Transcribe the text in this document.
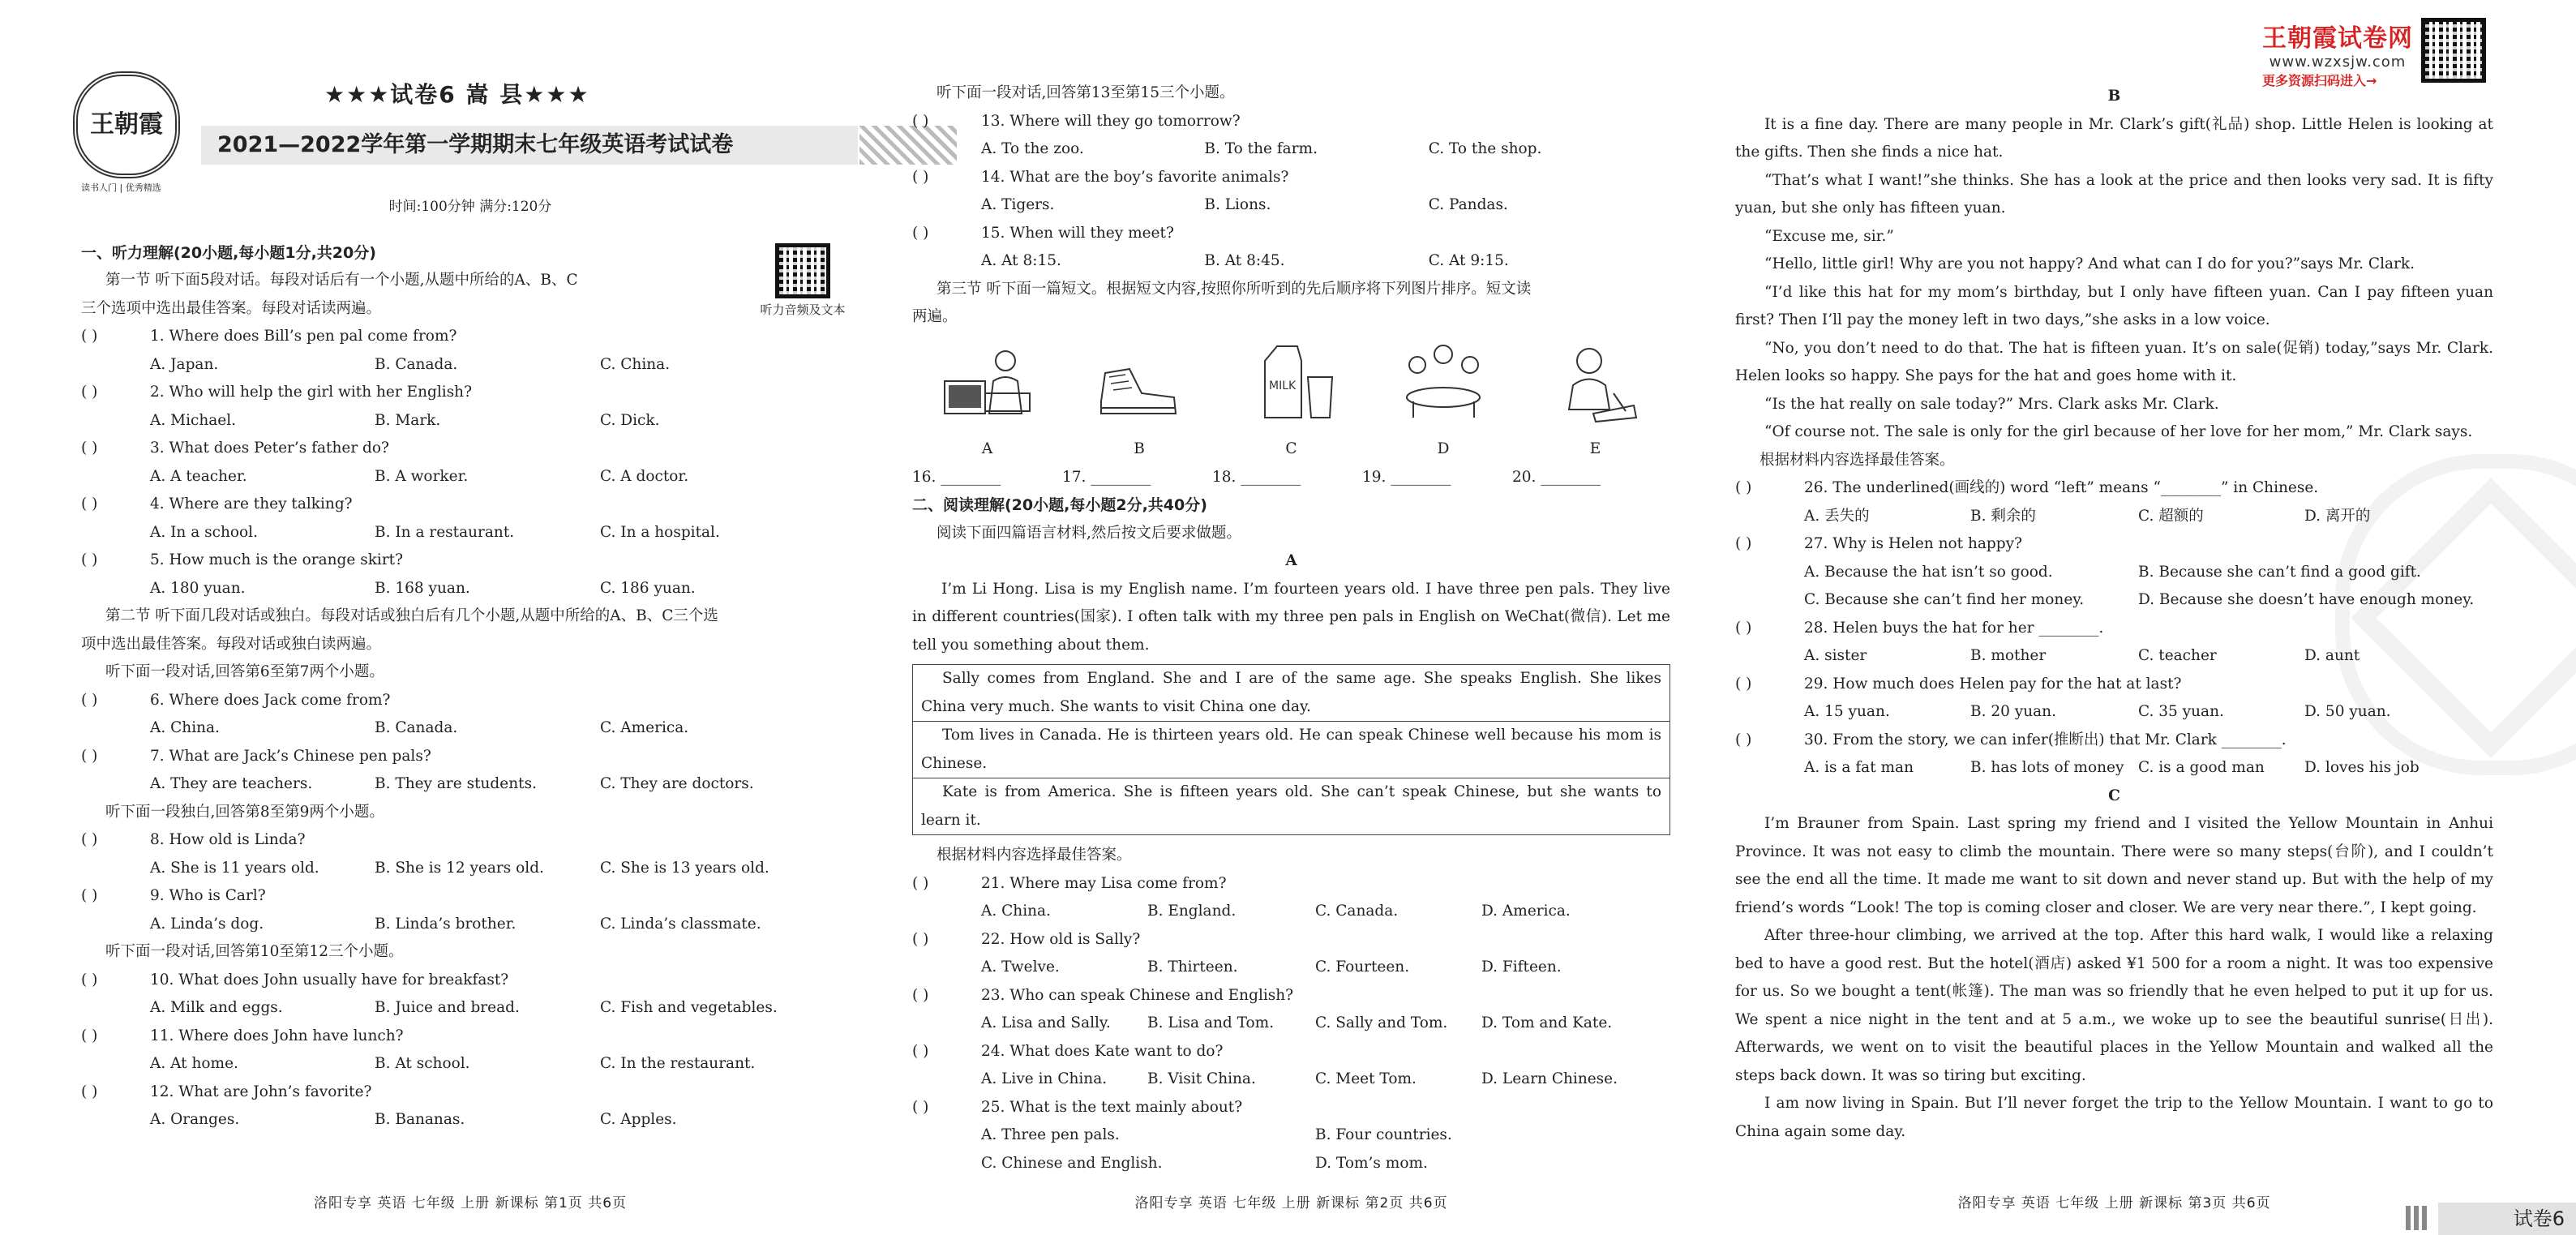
王朝霞试卷网
www.wzxsjw.com
更多资源扫码进入→
王朝霞
读书人门 | 优秀精选
★★★试卷6 嵩 县★★★
2021—2022学年第一学期期末七年级英语考试试卷
时间:100分钟 满分:120分
听力音频及文本
一、听力理解(20小题,每小题1分,共20分)
第一节 听下面5段对话。每段对话后有一个小题,从题中所给的A、B、C
三个选项中选出最佳答案。每段对话读两遍。
( )	1. Where does Bill’s pen pal come from?
A. Japan.	B. Canada.	C. China.
( )	2. Who will help the girl with her English?
A. Michael.	B. Mark.	C. Dick.
( )	3. What does Peter’s father do?
A. A teacher.	B. A worker.	C. A doctor.
( )	4. Where are they talking?
A. In a school.	B. In a restaurant.	C. In a hospital.
( )	5. How much is the orange skirt?
A. 180 yuan.	B. 168 yuan.	C. 186 yuan.
第二节 听下面几段对话或独白。每段对话或独白后有几个小题,从题中所给的A、B、C三个选
项中选出最佳答案。每段对话或独白读两遍。
听下面一段对话,回答第6至第7两个小题。
( )	6. Where does Jack come from?
A. China.	B. Canada.	C. America.
( )	7. What are Jack’s Chinese pen pals?
A. They are teachers.	B. They are students.	C. They are doctors.
听下面一段独白,回答第8至第9两个小题。
( )	8. How old is Linda?
A. She is 11 years old.	B. She is 12 years old.	C. She is 13 years old.
( )	9. Who is Carl?
A. Linda’s dog.	B. Linda’s brother.	C. Linda’s classmate.
听下面一段对话,回答第10至第12三个小题。
( )	10. What does John usually have for breakfast?
A. Milk and eggs.	B. Juice and bread.	C. Fish and vegetables.
( )	11. Where does John have lunch?
A. At home.	B. At school.	C. In the restaurant.
( )	12. What are John’s favorite?
A. Oranges.	B. Bananas.	C. Apples.
洛阳专享 英语 七年级 上册 新课标 第1页 共6页
听下面一段对话,回答第13至第15三个小题。
( )	13. Where will they go tomorrow?
A. To the zoo.	B. To the farm.	C. To the shop.
( )	14. What are the boy’s favorite animals?
A. Tigers.	B. Lions.	C. Pandas.
( )	15. When will they meet?
A. At 8:15.	B. At 8:45.	C. At 9:15.
第三节 听下面一篇短文。根据短文内容,按照你所听到的先后顺序将下列图片排序。短文读
两遍。
A	B
MILK
C	D	E
16. ________	17. ________	18. ________	19. ________	20. ________
二、阅读理解(20小题,每小题2分,共40分)
阅读下面四篇语言材料,然后按文后要求做题。
A
I’m Li Hong. Lisa is my English name. I’m fourteen years old. I have three pen pals. They live in different countries(国家). I often talk with my three pen pals in English on WeChat(微信). Let me tell you something about them.
Sally comes from England. She and I are of the same age. She speaks English. She likes China very much. She wants to visit China one day.
Tom lives in Canada. He is thirteen years old. He can speak Chinese well because his mom is Chinese.
Kate is from America. She is fifteen years old. She can’t speak Chinese, but she wants to learn it.
根据材料内容选择最佳答案。
( )	21. Where may Lisa come from?
A. China.	B. England.	C. Canada.	D. America.
( )	22. How old is Sally?
A. Twelve.	B. Thirteen.	C. Fourteen.	D. Fifteen.
( )	23. Who can speak Chinese and English?
A. Lisa and Sally.	B. Lisa and Tom.	C. Sally and Tom.	D. Tom and Kate.
( )	24. What does Kate want to do?
A. Live in China.	B. Visit China.	C. Meet Tom.	D. Learn Chinese.
( )	25. What is the text mainly about?
A. Three pen pals.	B. Four countries.
C. Chinese and English.	D. Tom’s mom.
洛阳专享 英语 七年级 上册 新课标 第2页 共6页
B
It is a fine day. There are many people in Mr. Clark’s gift(礼品) shop. Little Helen is looking at the gifts. Then she finds a nice hat.
“That’s what I want!”she thinks. She has a look at the price and then looks very sad. It is fifty yuan, but she only has fifteen yuan.
“Excuse me, sir.”
“Hello, little girl! Why are you not happy? And what can I do for you?”says Mr. Clark.
“I’d like this hat for my mom’s birthday, but I only have fifteen yuan. Can I pay fifteen yuan first? Then I’ll pay the money left in two days,”she asks in a low voice.
“No, you don’t need to do that. The hat is fifteen yuan. It’s on sale(促销) today,”says Mr. Clark. Helen looks so happy. She pays for the hat and goes home with it.
“Is the hat really on sale today?” Mrs. Clark asks Mr. Clark.
“Of course not. The sale is only for the girl because of her love for her mom,” Mr. Clark says.
根据材料内容选择最佳答案。
( )	26. The underlined(画线的) word “left” means “________” in Chinese.
A. 丢失的	B. 剩余的	C. 超额的	D. 离开的
( )	27. Why is Helen not happy?
A. Because the hat isn’t so good.	B. Because she can’t find a good gift.
C. Because she can’t find her money.	D. Because she doesn’t have enough money.
( )	28. Helen buys the hat for her ________.
A. sister	B. mother	C. teacher	D. aunt
( )	29. How much does Helen pay for the hat at last?
A. 15 yuan.	B. 20 yuan.	C. 35 yuan.	D. 50 yuan.
( )	30. From the story, we can infer(推断出) that Mr. Clark ________.
A. is a fat man	B. has lots of money C. is a good man	D. loves his job
C
I’m Brauner from Spain. Last spring my friend and I visited the Yellow Mountain in Anhui Province. It was not easy to climb the mountain. There were so many steps(台阶), and I couldn’t see the end all the time. It made me want to sit down and never stand up. But with the help of my friend’s words “Look! The top is coming closer and closer. We are very near there.”, I kept going.
After three-hour climbing, we arrived at the top. After this hard walk, I would like a relaxing bed to have a good rest. But the hotel(酒店) asked ¥1 500 for a room a night. It was too expensive for us. So we bought a tent(帐篷). The man was so friendly that he even helped to put it up for us. We spent a nice night in the tent and at 5 a.m., we woke up to see the beautiful sunrise(日出). Afterwards, we went on to visit the beautiful places in the Yellow Mountain and walked all the steps back down. It was so tiring but exciting.
I am now living in Spain. But I’ll never forget the trip to the Yellow Mountain. I want to go to China again some day.
洛阳专享 英语 七年级 上册 新课标 第3页 共6页
试卷6
